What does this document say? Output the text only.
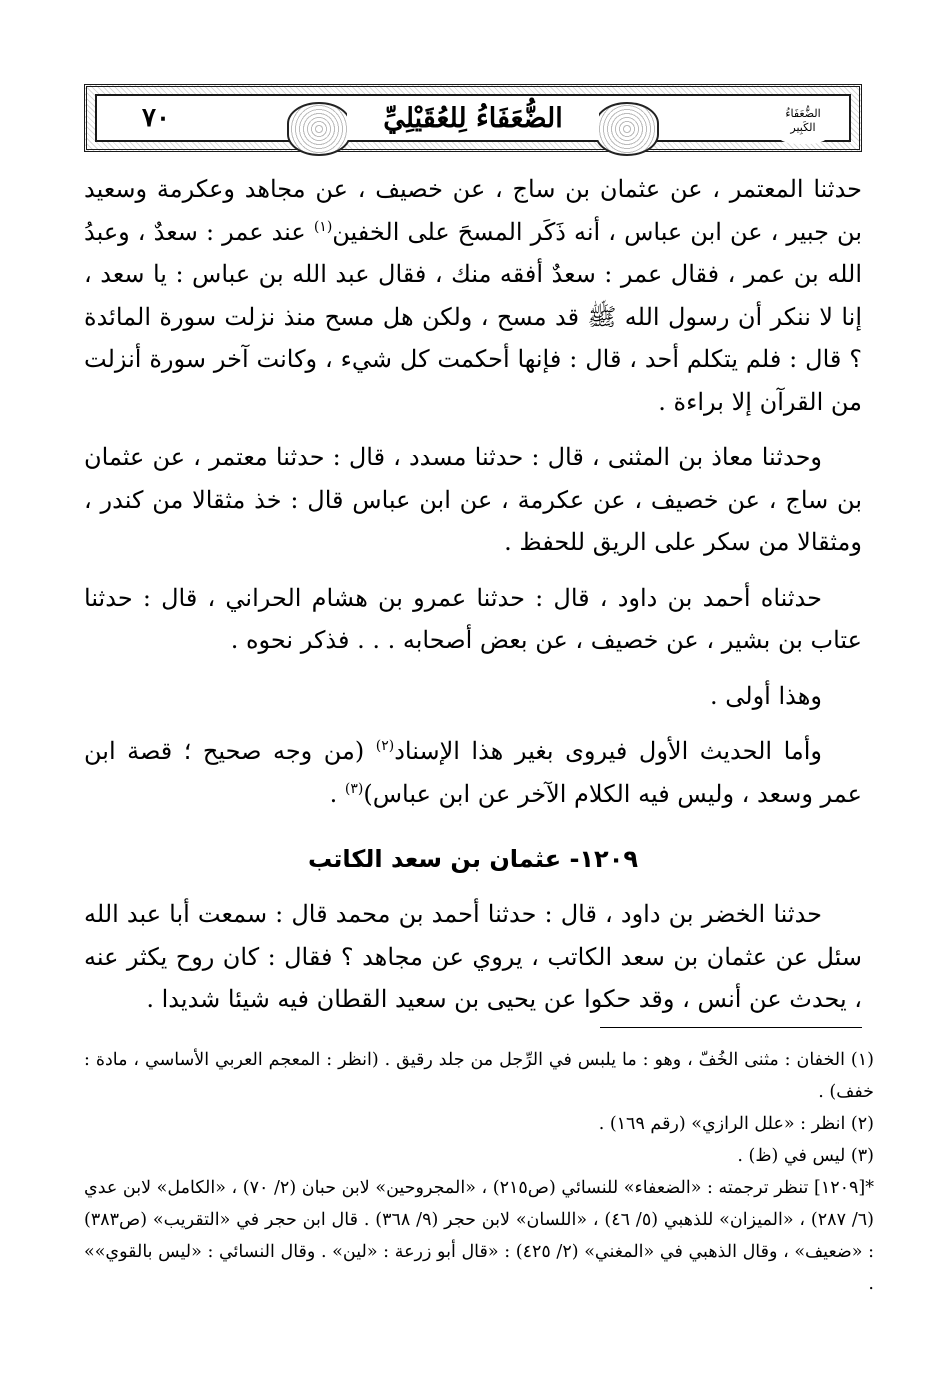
٧٠	الضُّعَفَاءُ لِلعُقَيْلِيِّ	الضُّعَفَاءُ
الكَبِير

حدثنا المعتمر ، عن عثمان بن ساج ، عن خصيف ، عن مجاهد وعكرمة وسعيد بن جبير ، عن ابن عباس ، أنه ذَكَر المسحَ على الخفين$^{(١)}$ عند عمر : سعدٌ ، وعبدُ الله بن عمر ، فقال عمر : سعدٌ أفقه منك ، فقال عبد الله بن عباس : يا سعد ، إنا لا ننكر أن رسول الله ﷺ قد مسح ، ولكن هل مسح منذ نزلت سورة المائدة ؟ قال : فلم يتكلم أحد ، قال : فإنها أحكمت كل شيء ، وكانت آخر سورة أنزلت من القرآن إلا براءة .

وحدثنا معاذ بن المثنى ، قال : حدثنا مسدد ، قال : حدثنا معتمر ، عن عثمان بن ساج ، عن خصيف ، عن عكرمة ، عن ابن عباس قال : خذ مثقالا من كندر ، ومثقالا من سكر على الريق للحفظ .

حدثناه أحمد بن داود ، قال : حدثنا عمرو بن هشام الحراني ، قال : حدثنا عتاب بن بشير ، عن خصيف ، عن بعض أصحابه . . . فذكر نحوه .

وهذا أولى .

وأما الحديث الأول فيروى بغير هذا الإسناد$^{(٢)}$ (من وجه صحيح ؛ قصة ابن عمر وسعد ، وليس فيه الكلام الآخر عن ابن عباس)$^{(٣)}$ .

١٢٠٩- عثمان بن سعد الكاتب

حدثنا الخضر بن داود ، قال : حدثنا أحمد بن محمد قال : سمعت أبا عبد الله سئل عن عثمان بن سعد الكاتب ، يروي عن مجاهد ؟ فقال : كان روح يكثر عنه ، يحدث عن أنس ، وقد حكوا عن يحيى بن سعيد القطان فيه شيئا شديدا .

(١) الخفان : مثنى الخُفّ ، وهو : ما يلبس في الرِّجل من جلد رقيق . (انظر : المعجم العربي الأساسي ، مادة : خفف) .

(٢) انظر : «علل الرازي» (رقم ١٦٩) .

(٣) ليس في (ظ) .

*[١٢٠٩] تنظر ترجمته : «الضعفاء» للنسائي (ص٢١٥) ، «المجروحين» لابن حبان (٢/ ٧٠) ، «الكامل» لابن عدي (٦/ ٢٨٧) ، «الميزان» للذهبي (٥/ ٤٦) ، «اللسان» لابن حجر (٩/ ٣٦٨) . قال ابن حجر في «التقريب» (ص٣٨٣) : «ضعيف» ، وقال الذهبي في «المغني» (٢/ ٤٢٥) : «قال أبو زرعة : «لين» . وقال النسائي : «ليس بالقوي»» .
